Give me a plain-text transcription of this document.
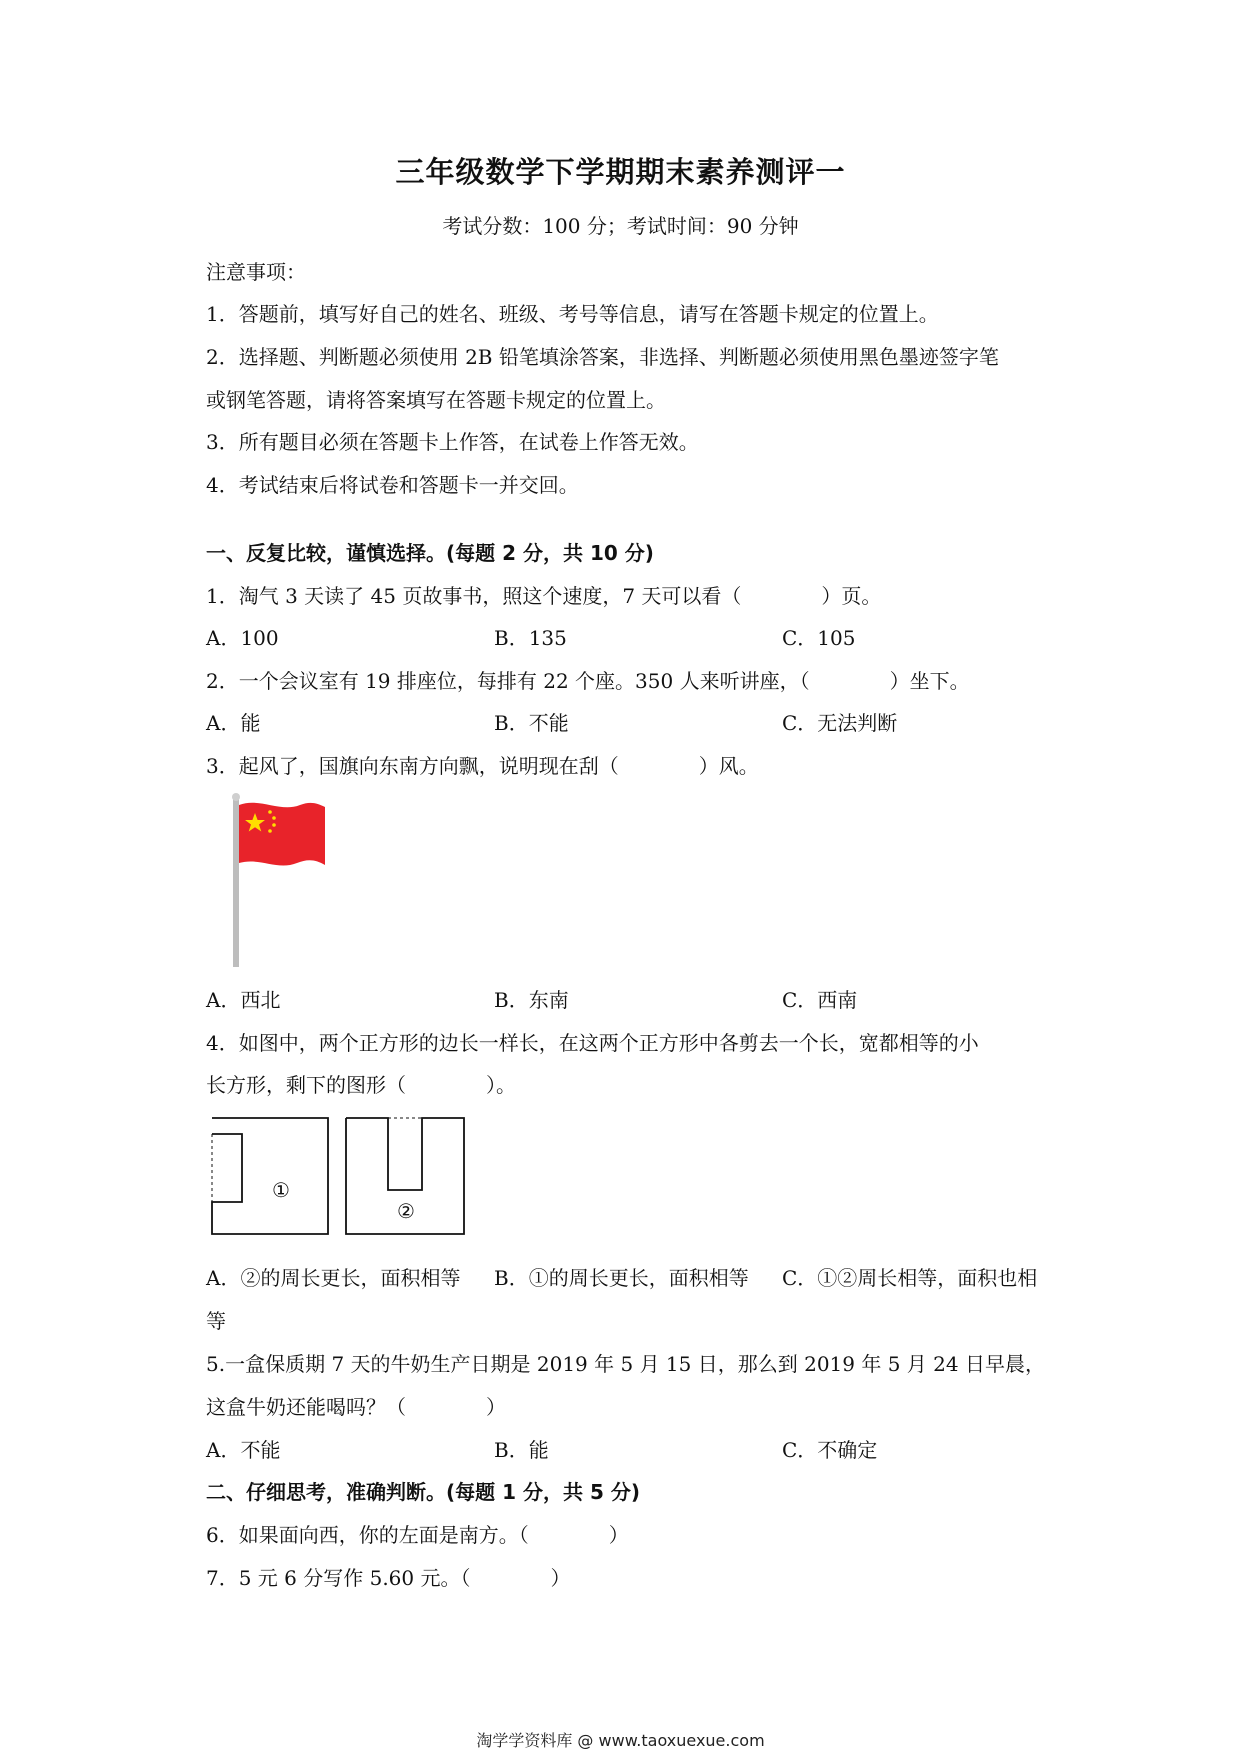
三年级数学下学期期末素养测评一
考试分数：100 分；考试时间：90 分钟
注意事项：
1．答题前，填写好自己的姓名、班级、考号等信息，请写在答题卡规定的位置上。
2．选择题、判断题必须使用 2B 铅笔填涂答案，非选择、判断题必须使用黑色墨迹签字笔
或钢笔答题，请将答案填写在答题卡规定的位置上。
3．所有题目必须在答题卡上作答，在试卷上作答无效。
4．考试结束后将试卷和答题卡一并交回。
一、反复比较，谨慎选择。(每题 2 分，共 10 分)
1．淘气 3 天读了 45 页故事书，照这个速度，7 天可以看（　　　　）页。
A．100	B．135	C．105
2．一个会议室有 19 排座位，每排有 22 个座。350 人来听讲座，（　　　　）坐下。
A．能	B．不能	C．无法判断
3．起风了，国旗向东南方向飘，说明现在刮（　　　　）风。
A．西北	B．东南	C．西南
4．如图中，两个正方形的边长一样长，在这两个正方形中各剪去一个长，宽都相等的小
长方形，剩下的图形（　　　　）。
①
②
A．②的周长更长，面积相等 B．①的周长更长，面积相等 C．①②周长相等，面积也相
等
5.一盒保质期 7 天的牛奶生产日期是 2019 年 5 月 15 日，那么到 2019 年 5 月 24 日早晨，
这盒牛奶还能喝吗？（　　　　）
A．不能	B．能	C．不确定
二、仔细思考，准确判断。(每题 1 分，共 5 分)
6．如果面向西，你的左面是南方。（　　　　）
7．5 元 6 分写作 5.60 元。（　　　　）
淘学学资料库 @ www.taoxuexue.com
